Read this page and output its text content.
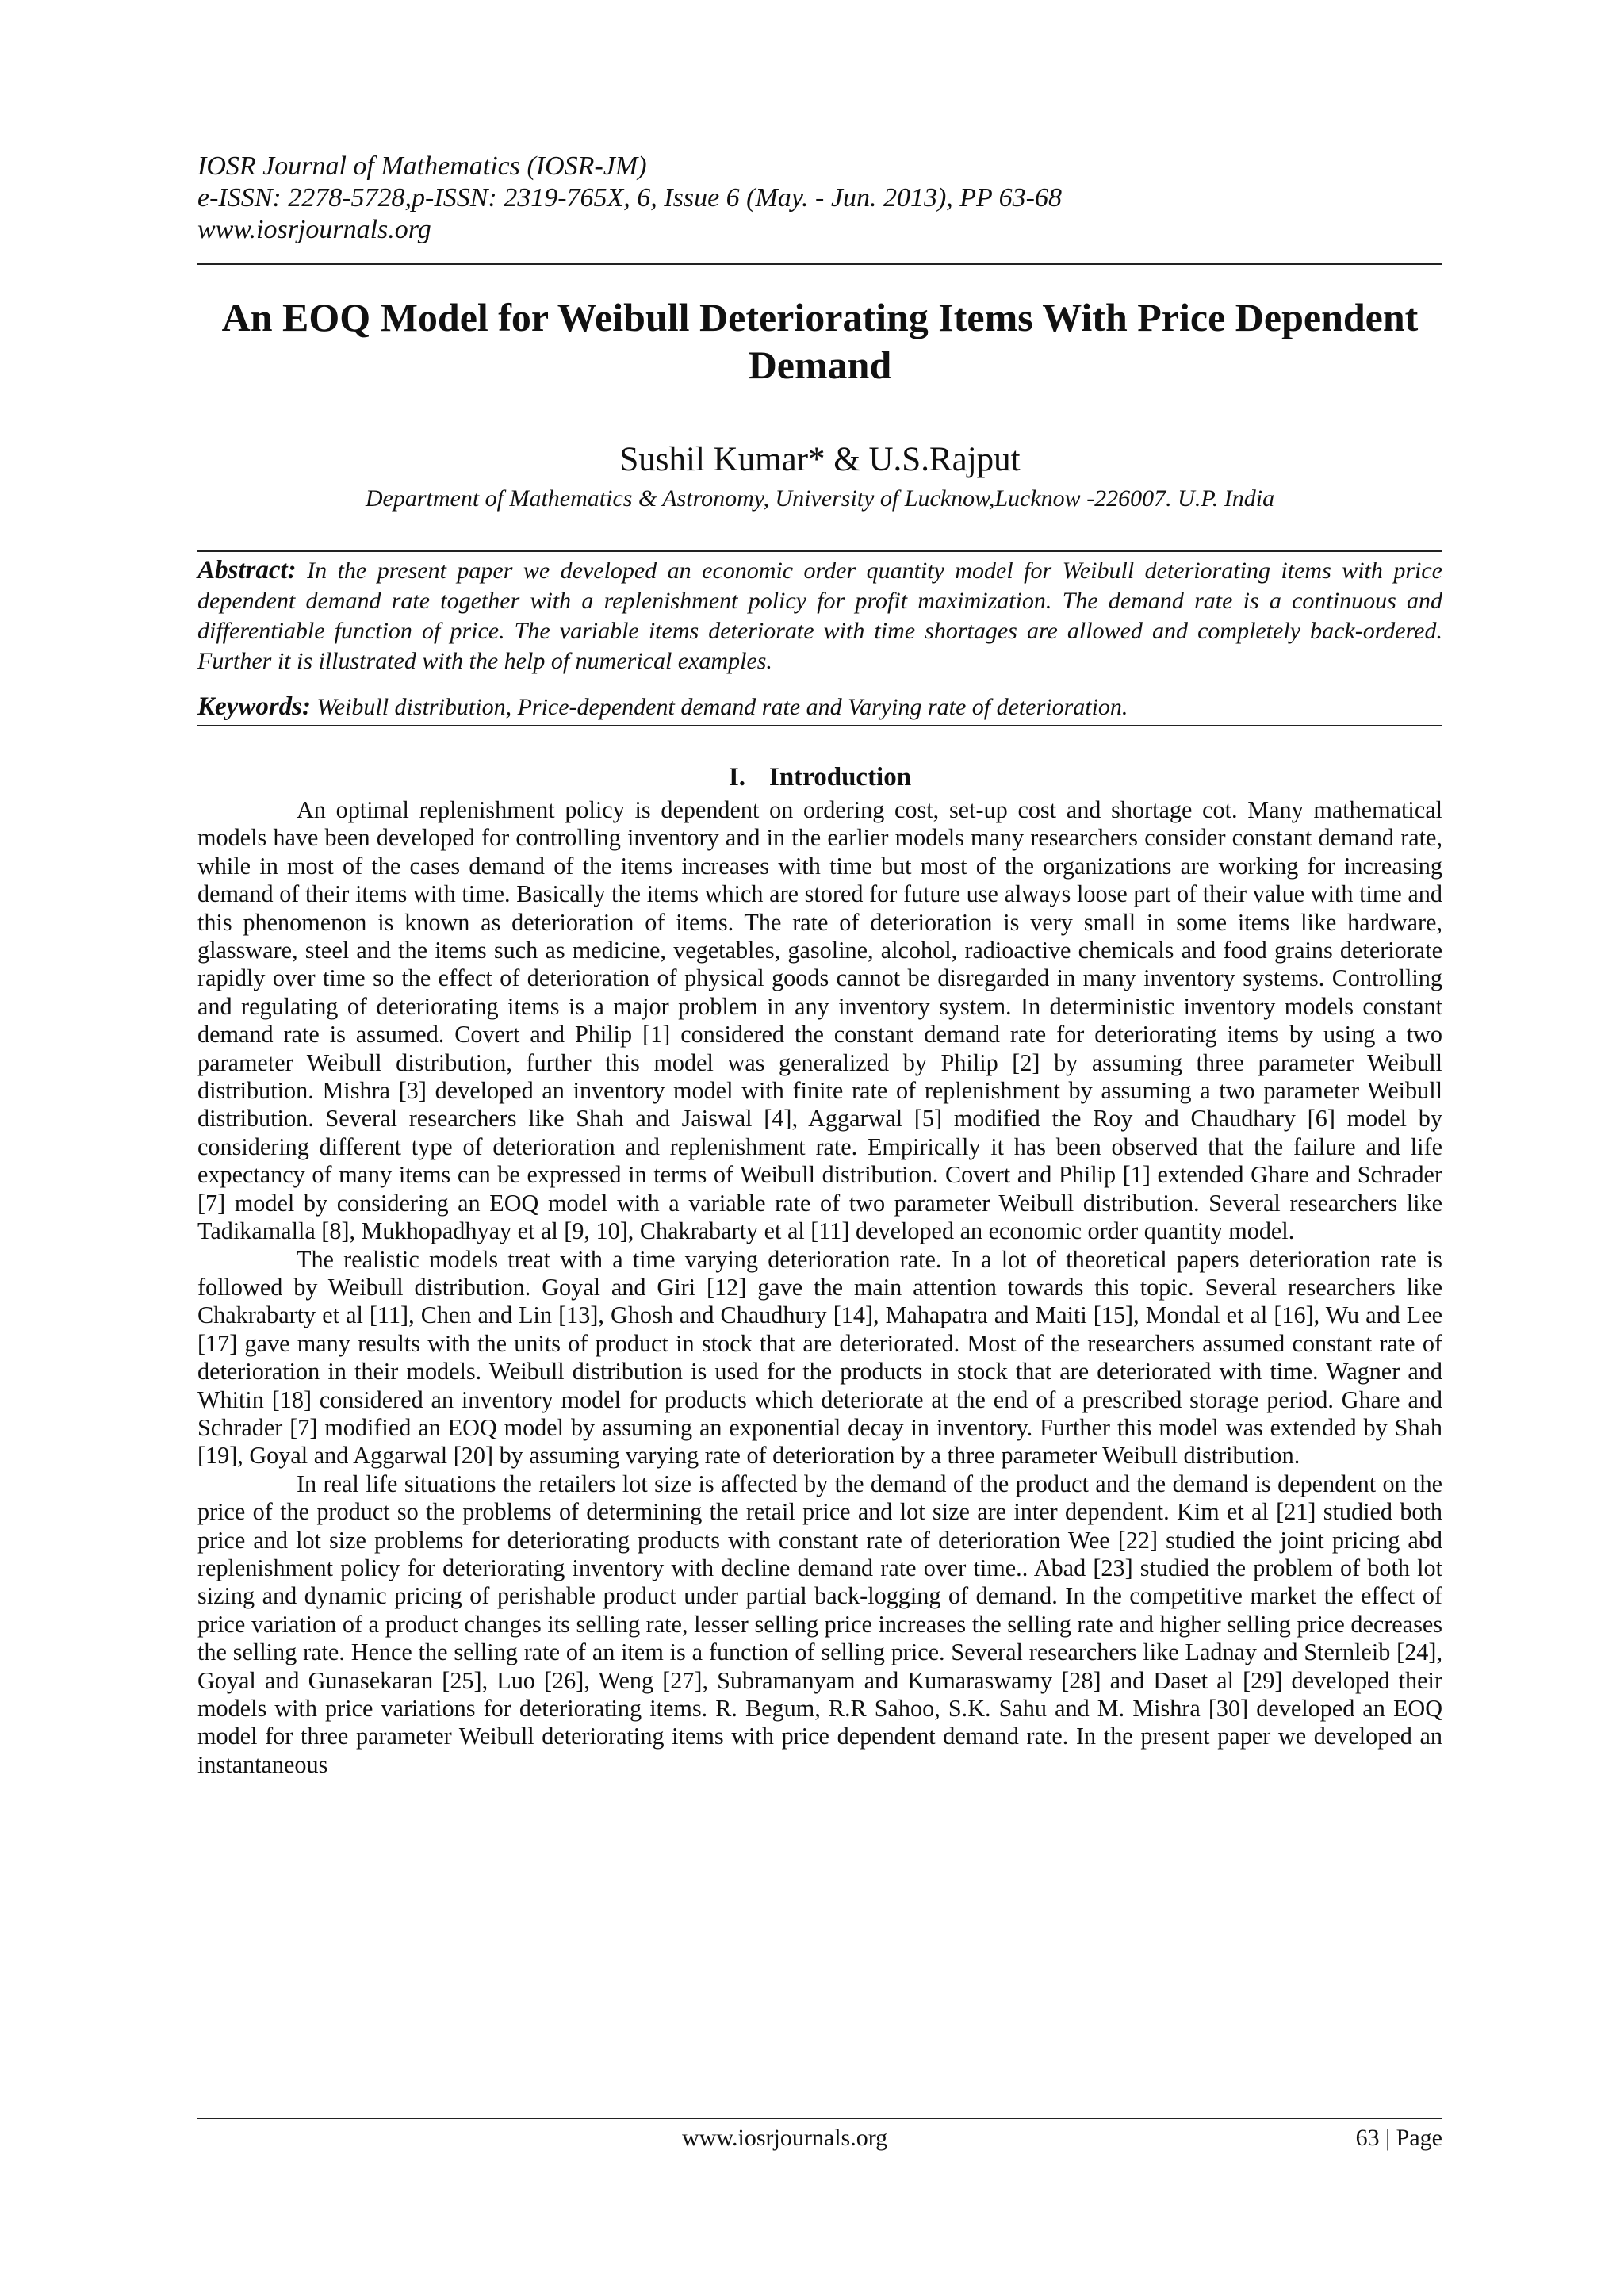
IOSR Journal of Mathematics (IOSR-JM)
e-ISSN: 2278-5728,p-ISSN: 2319-765X, 6, Issue 6 (May. - Jun. 2013), PP 63-68
www.iosrjournals.org
An EOQ Model for Weibull Deteriorating Items With Price Dependent Demand
Sushil Kumar* & U.S.Rajput
Department of Mathematics & Astronomy, University of Lucknow,Lucknow -226007. U.P. India
Abstract: In the present paper we developed an economic order quantity model for Weibull deteriorating items with price dependent demand rate together with a replenishment policy for profit maximization. The demand rate is a continuous and differentiable function of price. The variable items deteriorate with time shortages are allowed and completely back-ordered. Further it is illustrated with the help of numerical examples.
Keywords: Weibull distribution, Price-dependent demand rate and Varying rate of deterioration.
I. Introduction

An optimal replenishment policy is dependent on ordering cost, set-up cost and shortage cot. Many mathematical models have been developed for controlling inventory and in the earlier models many researchers consider constant demand rate, while in most of the cases demand of the items increases with time but most of the organizations are working for increasing demand of their items with time. Basically the items which are stored for future use always loose part of their value with time and this phenomenon is known as deterioration of items. The rate of deterioration is very small in some items like hardware, glassware, steel and the items such as medicine, vegetables, gasoline, alcohol, radioactive chemicals and food grains deteriorate rapidly over time so the effect of deterioration of physical goods cannot be disregarded in many inventory systems. Controlling and regulating of deteriorating items is a major problem in any inventory system. In deterministic inventory models constant demand rate is assumed. Covert and Philip [1] considered the constant demand rate for deteriorating items by using a two parameter Weibull distribution, further this model was generalized by Philip [2] by assuming three parameter Weibull distribution. Mishra [3] developed an inventory model with finite rate of replenishment by assuming a two parameter Weibull distribution. Several researchers like Shah and Jaiswal [4], Aggarwal [5] modified the Roy and Chaudhary [6] model by considering different type of deterioration and replenishment rate. Empirically it has been observed that the failure and life expectancy of many items can be expressed in terms of Weibull distribution. Covert and Philip [1] extended Ghare and Schrader [7] model by considering an EOQ model with a variable rate of two parameter Weibull distribution. Several researchers like Tadikamalla [8], Mukhopadhyay et al [9, 10], Chakrabarty et al [11] developed an economic order quantity model.

The realistic models treat with a time varying deterioration rate. In a lot of theoretical papers deterioration rate is followed by Weibull distribution. Goyal and Giri [12] gave the main attention towards this topic. Several researchers like Chakrabarty et al [11], Chen and Lin [13], Ghosh and Chaudhury [14], Mahapatra and Maiti [15], Mondal et al [16], Wu and Lee [17] gave many results with the units of product in stock that are deteriorated. Most of the researchers assumed constant rate of deterioration in their models. Weibull distribution is used for the products in stock that are deteriorated with time. Wagner and Whitin [18] considered an inventory model for products which deteriorate at the end of a prescribed storage period. Ghare and Schrader [7] modified an EOQ model by assuming an exponential decay in inventory. Further this model was extended by Shah [19], Goyal and Aggarwal [20] by assuming varying rate of deterioration by a three parameter Weibull distribution.

In real life situations the retailers lot size is affected by the demand of the product and the demand is dependent on the price of the product so the problems of determining the retail price and lot size are inter dependent. Kim et al [21] studied both price and lot size problems for deteriorating products with constant rate of deterioration Wee [22] studied the joint pricing abd replenishment policy for deteriorating inventory with decline demand rate over time.. Abad [23] studied the problem of both lot sizing and dynamic pricing of perishable product under partial back-logging of demand. In the competitive market the effect of price variation of a product changes its selling rate, lesser selling price increases the selling rate and higher selling price decreases the selling rate. Hence the selling rate of an item is a function of selling price. Several researchers like Ladnay and Sternleib [24], Goyal and Gunasekaran [25], Luo [26], Weng [27], Subramanyam and Kumaraswamy [28] and Daset al [29] developed their models with price variations for deteriorating items. R. Begum, R.R Sahoo, S.K. Sahu and M. Mishra [30] developed an EOQ model for three parameter Weibull deteriorating items with price dependent demand rate. In the present paper we developed an instantaneous

www.iosrjournals.org	63 | Page
